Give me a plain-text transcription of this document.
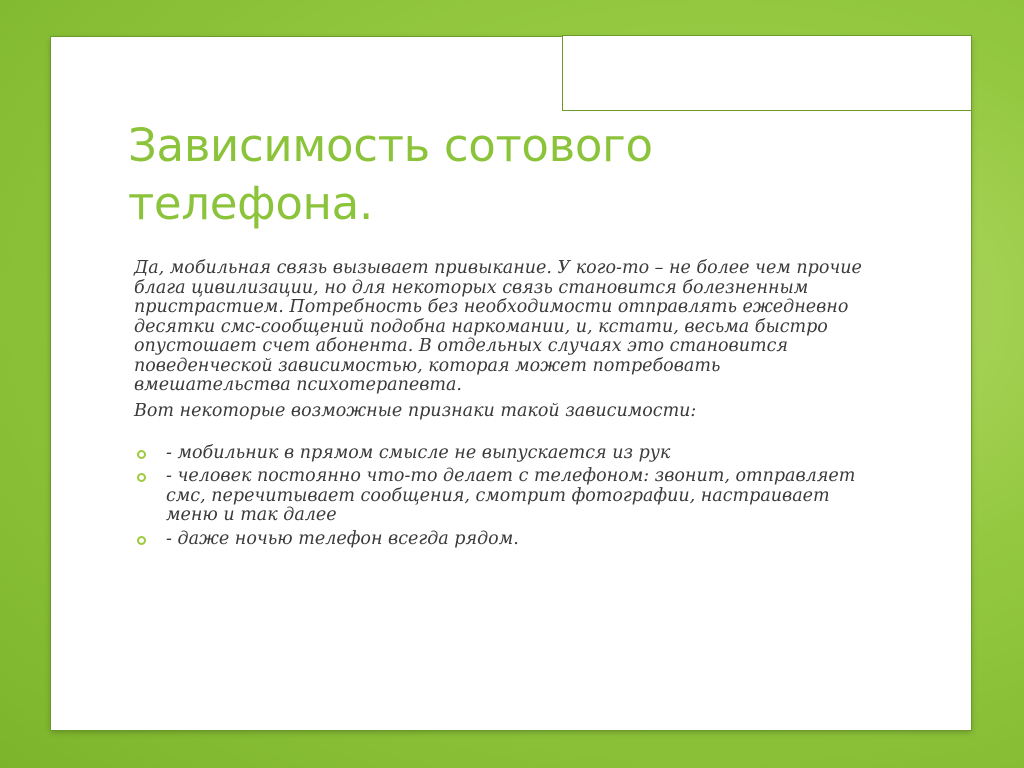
Зависимость сотового телефона.

Да, мобильная связь вызывает привыкание. У кого-то – не более чем прочие блага цивилизации, но для некоторых связь становится болезненным пристрастием. Потребность без необходимости отправлять ежедневно десятки смс-сообщений подобна наркомании, и, кстати, весьма быстро опустошает счет абонента. В отдельных случаях это становится поведенческой зависимостью, которая может потребовать вмешательства психотерапевта.

Вот некоторые возможные признаки такой зависимости:

- мобильник в прямом смысле не выпускается из рук
- человек постоянно что-то делает с телефоном: звонит, отправляет смс, перечитывает сообщения, смотрит фотографии, настраивает меню и так далее
- даже ночью телефон всегда рядом.
